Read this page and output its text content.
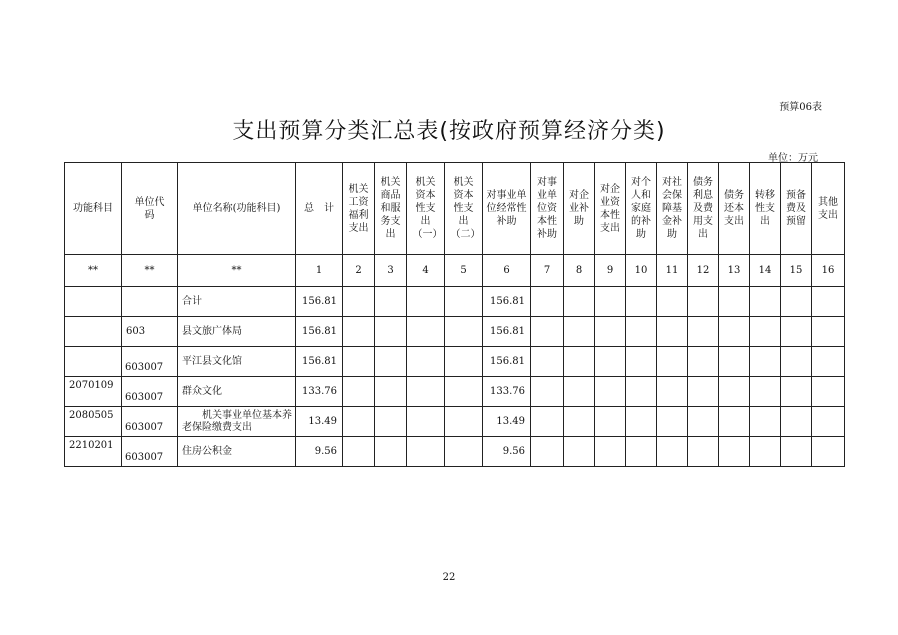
预算06表
支出预算分类汇总表(按政府预算经济分类)
单位：万元
功能科目	单位代码	单位名称(功能科目)	总　计	机关工资福利支出	机关商品和服务支出	机关资本性支出（一）	机关资本性支出（二）	对事业单位经常性补助	对事业单位资本性补助	对企业补助	对企业资本性支出	对个人和家庭的补助	对社会保障基金补助	债务利息及费用支出	债务还本支出	转移性支出	预备费及预留	其他支出
**	**	**	1	2	3	4	5	6	7	8	9	10	11	12	13	14	15	16
		合计	156.81					156.81										
	603	县文旅广体局	156.81					156.81										
	603007	平江县文化馆	156.81					156.81										
2070109	603007	群众文化	133.76					133.76										
2080505	603007	机关事业单位基本养老保险缴费支出	13.49					13.49										
2210201	603007	住房公积金	9.56					9.56										
22
